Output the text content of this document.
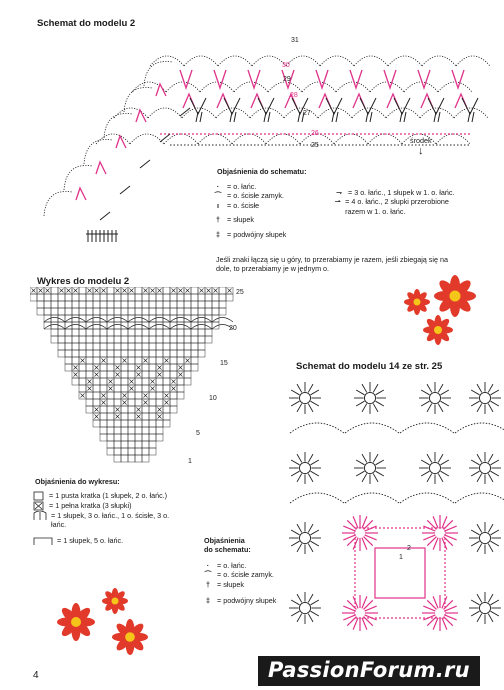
Schemat do modelu 2
31
30
29
28
27
26
25
środek
↓
Objaśnienia do schematu:
·	= o. łańc.
⌒ = o. ścisłe zamyk.
ı	= o. ścisłe
† = słupek
‡ = podwójny słupek
⇁ = 3 o. łańc., 1 słupek w 1. o. łańc.
⇀ = 4 o. łańc., 2 słupki przerobione razem w 1. o. łańc.
Jeśli znaki łączą się u góry, to przerabiamy je razem, jeśli zbiegają się na dole, to przerabiamy je w jednym o.
Wykres do modelu 2
25
20
15
10
5
1
Objaśnienia do wykresu:
= 1 pusta kratka (1 słupek, 2 o. łańc.)
= 1 pełna kratka (3 słupki)
= 1 słupek, 3 o. łańc., 1 o. ścisłe, 3 o. łańc.
= 1 słupek, 5 o. łańc.
Schemat do modelu 14 ze str. 25
1
2
Objaśnienia
do schematu:
·	= o. łańc.
⌒ = o. ścisłe zamyk.
† = słupek
‡ = podwójny słupek
4	PassionForum.ru
